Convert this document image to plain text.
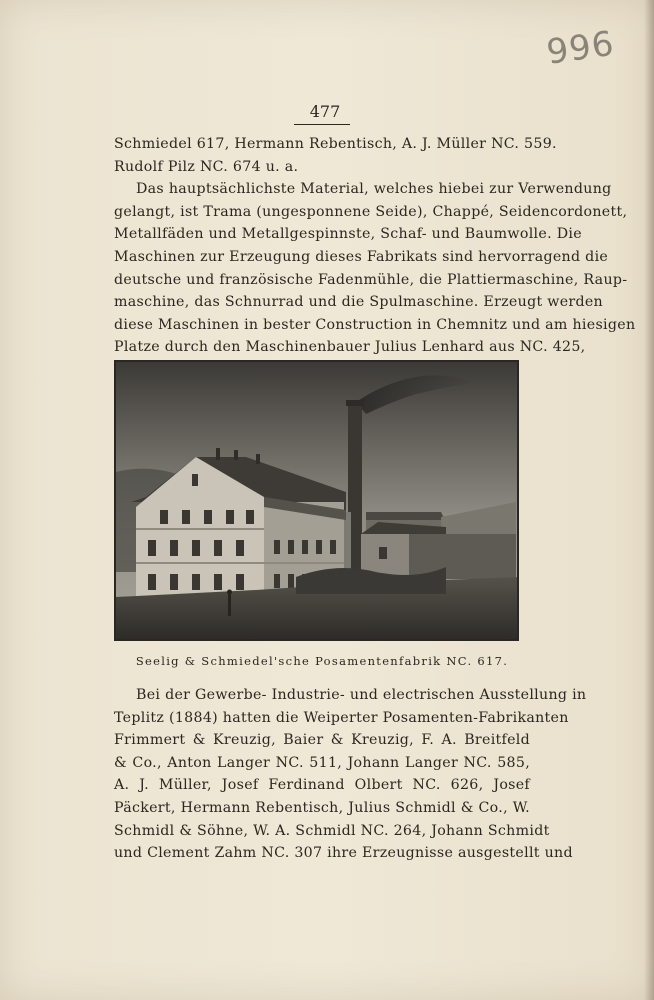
996
477
Schmiedel 617, Hermann Rebentisch, A. J. Müller NC. 559.
Rudolf Pilz NC. 674 u. a.
Das hauptsächlichste Material, welches hiebei zur Verwendung
gelangt, ist Trama (ungesponnene Seide), Chappé, Seidencordonett,
Metallfäden und Metallgespinnste, Schaf- und Baumwolle. Die
Maschinen zur Erzeugung dieses Fabrikats sind hervorragend die
deutsche und französische Fadenmühle, die Plattiermaschine, Raup-
maschine, das Schnurrad und die Spulmaschine. Erzeugt werden
diese Maschinen in bester Construction in Chemnitz und am hiesigen
Platze durch den Maschinenbauer Julius Lenhard aus NC. 425,
Seelig & Schmiedel'sche Posamentenfabrik NC. 617.
Bei der Gewerbe- Industrie- und electrischen Ausstellung in
Teplitz (1884) hatten die Weiperter Posamenten-Fabrikanten
Frimmert & Kreuzig, Baier & Kreuzig, F. A. Breitfeld
& Co., Anton Langer NC. 511, Johann Langer NC. 585,
A. J. Müller, Josef Ferdinand Olbert NC. 626, Josef
Päckert, Hermann Rebentisch, Julius Schmidl & Co., W.
Schmidl & Söhne, W. A. Schmidl NC. 264, Johann Schmidt
und Clement Zahm NC. 307 ihre Erzeugnisse ausgestellt und
